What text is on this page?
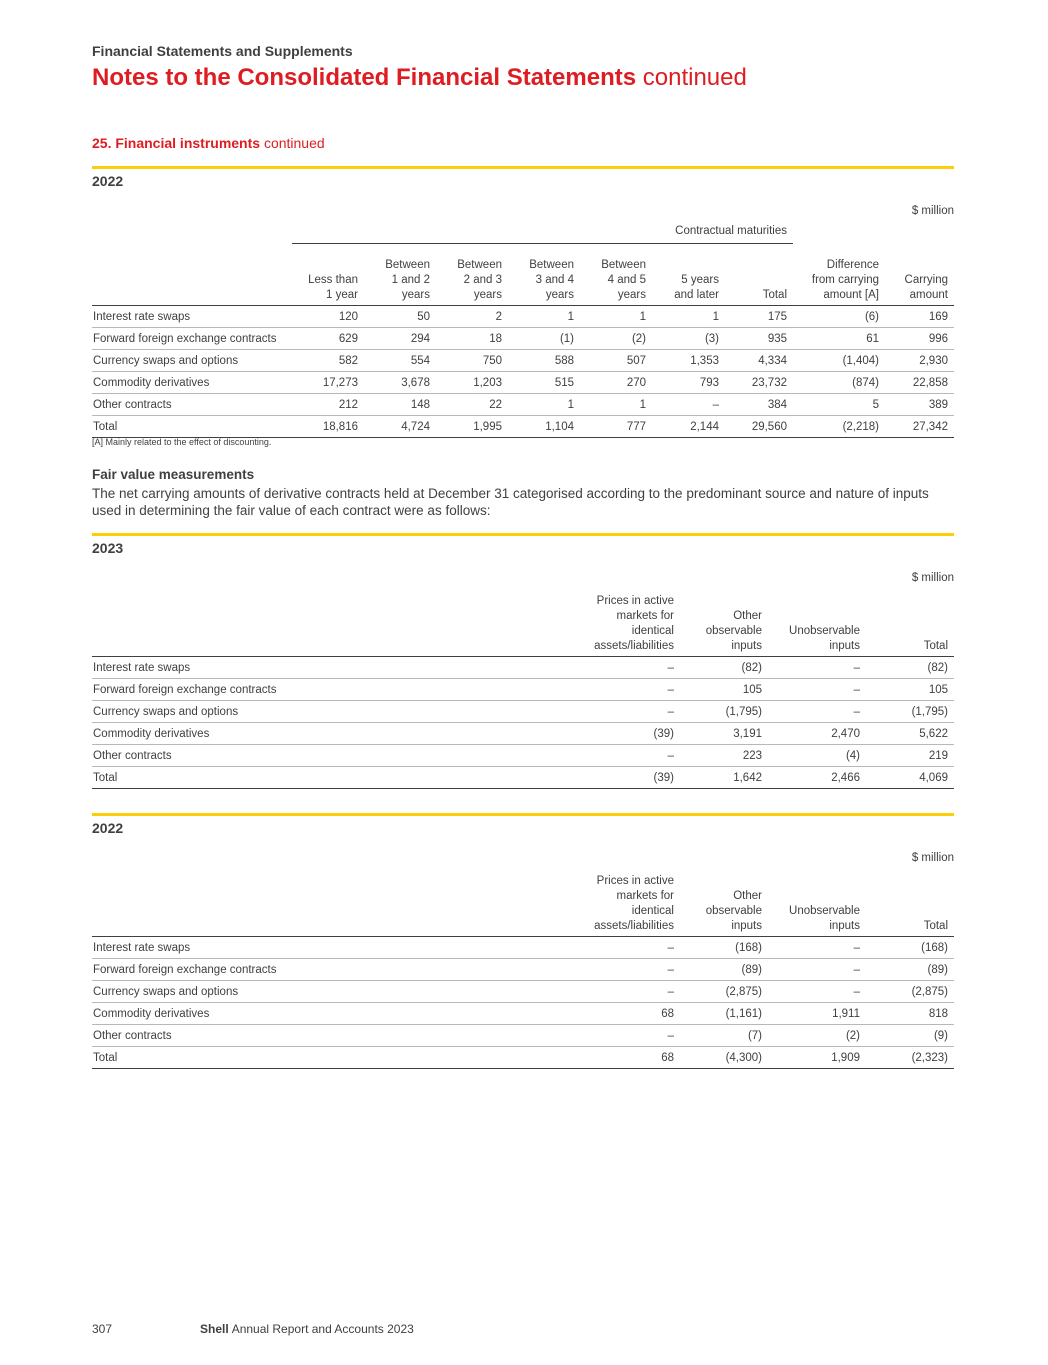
Financial Statements and Supplements
Notes to the Consolidated Financial Statements continued
25. Financial instruments continued
2022
$ million
	Contractual maturities								
	Less than
1 year	Between
1 and 2
years	Between
2 and 3
years	Between
3 and 4
years	Between
4 and 5
years	5 years
and later	Total	Difference
from carrying
amount [A]	Carrying
amount
Interest rate swaps	120	50	2	1	1	1	175	(6)	169
Forward foreign exchange contracts	629	294	18	(1)	(2)	(3)	935	61	996
Currency swaps and options	582	554	750	588	507	1,353	4,334	(1,404)	2,930
Commodity derivatives	17,273	3,678	1,203	515	270	793	23,732	(874)	22,858
Other contracts	212	148	22	1	1	–	384	5	389
Total	18,816	4,724	1,995	1,104	777	2,144	29,560	(2,218)	27,342
[A] Mainly related to the effect of discounting.
Fair value measurements
The net carrying amounts of derivative contracts held at December 31 categorised according to the predominant source and nature of inputs used in determining the fair value of each contract were as follows:
2023
$ million
	Prices in active
markets for
identical
assets/liabilities	Other
observable
inputs	Unobservable
inputs	Total
Interest rate swaps	–	(82)	–	(82)
Forward foreign exchange contracts	–	105	–	105
Currency swaps and options	–	(1,795)	–	(1,795)
Commodity derivatives	(39)	3,191	2,470	5,622
Other contracts	–	223	(4)	219
Total	(39)	1,642	2,466	4,069
2022
$ million
	Prices in active
markets for
identical
assets/liabilities	Other
observable
inputs	Unobservable
inputs	Total
Interest rate swaps	–	(168)	–	(168)
Forward foreign exchange contracts	–	(89)	–	(89)
Currency swaps and options	–	(2,875)	–	(2,875)
Commodity derivatives	68	(1,161)	1,911	818
Other contracts	–	(7)	(2)	(9)
Total	68	(4,300)	1,909	(2,323)
307	Shell Annual Report and Accounts 2023
